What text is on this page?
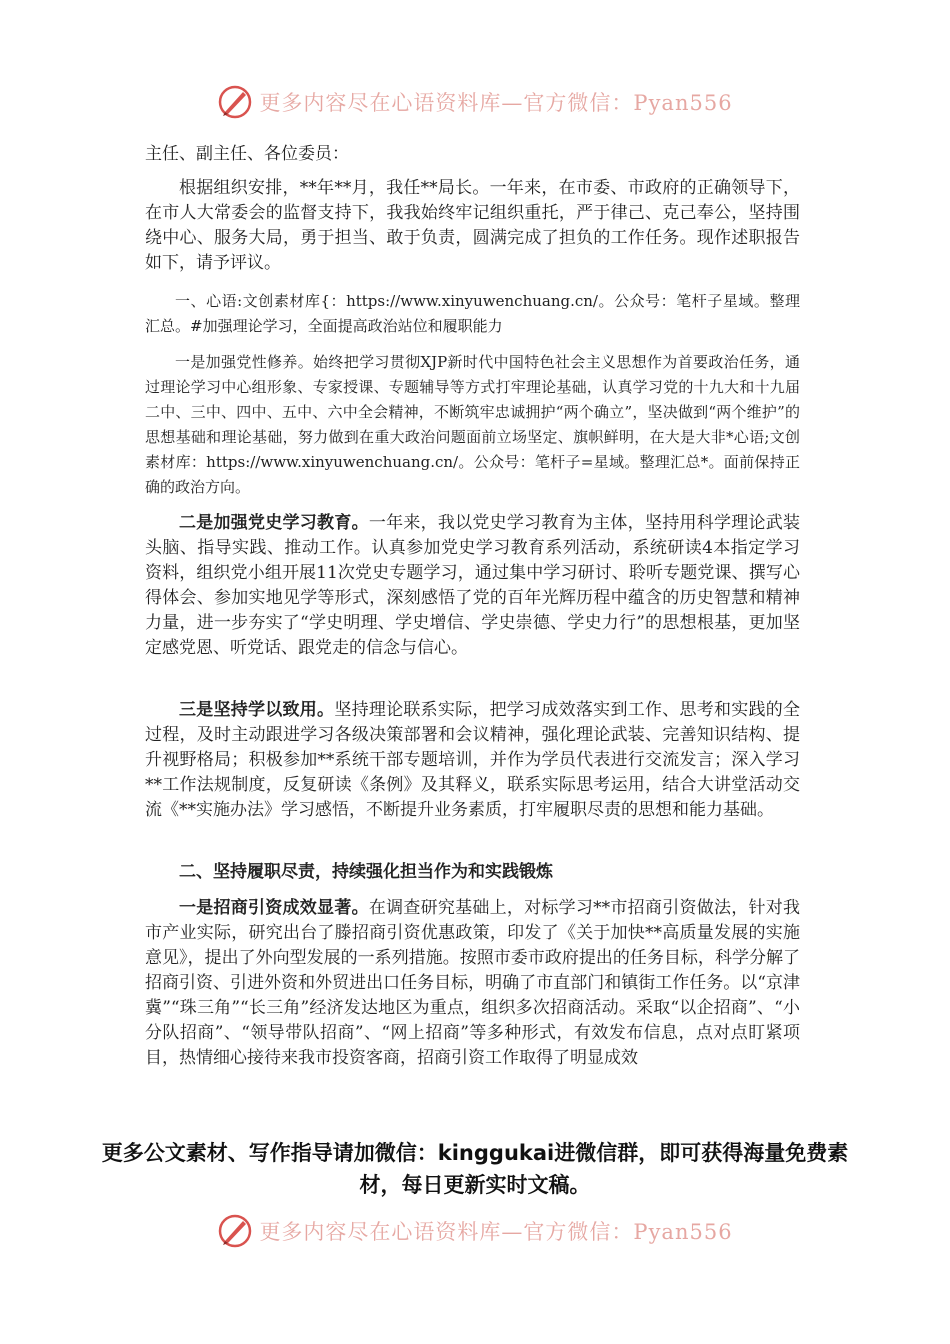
更多内容尽在心语资料库—官方微信：Pyan556

主任、副主任、各位委员：

根据组织安排，**年**月，我任**局长。一年来，在市委、市政府的正确领导下，在市人大常委会的监督支持下，我我始终牢记组织重托，严于律己、克己奉公，坚持围绕中心、服务大局，勇于担当、敢于负责，圆满完成了担负的工作任务。现作述职报告如下，请予评议。

一、心语:文创素材库{：https://www.xinyuwenchuang.cn/。公众号：笔杆子星域。整理汇总。#加强理论学习，全面提高政治站位和履职能力

一是加强党性修养。始终把学习贯彻XJP新时代中国特色社会主义思想作为首要政治任务，通过理论学习中心组形象、专家授课、专题辅导等方式打牢理论基础，认真学习党的十九大和十九届二中、三中、四中、五中、六中全会精神，不断筑牢忠诚拥护“两个确立”，坚决做到“两个维护”的思想基础和理论基础，努力做到在重大政治问题面前立场坚定、旗帜鲜明，在大是大非*心语;文创素材库：https://www.xinyuwenchuang.cn/。公众号：笔杆子=星域。整理汇总*。面前保持正确的政治方向。

二是加强党史学习教育。一年来，我以党史学习教育为主体，坚持用科学理论武装头脑、指导实践、推动工作。认真参加党史学习教育系列活动，系统研读4本指定学习资料，组织党小组开展11次党史专题学习，通过集中学习研讨、聆听专题党课、撰写心得体会、参加实地见学等形式，深刻感悟了党的百年光辉历程中蕴含的历史智慧和精神力量，进一步夯实了“学史明理、学史增信、学史崇德、学史力行”的思想根基，更加坚定感党恩、听党话、跟党走的信念与信心。

三是坚持学以致用。坚持理论联系实际，把学习成效落实到工作、思考和实践的全过程，及时主动跟进学习各级决策部署和会议精神，强化理论武装、完善知识结构、提升视野格局；积极参加**系统干部专题培训，并作为学员代表进行交流发言；深入学习**工作法规制度，反复研读《条例》及其释义，联系实际思考运用，结合大讲堂活动交流《**实施办法》学习感悟，不断提升业务素质，打牢履职尽责的思想和能力基础。

二、坚持履职尽责，持续强化担当作为和实践锻炼

一是招商引资成效显著。在调查研究基础上，对标学习**市招商引资做法，针对我市产业实际，研究出台了滕招商引资优惠政策，印发了《关于加快**高质量发展的实施意见》，提出了外向型发展的一系列措施。按照市委市政府提出的任务目标，科学分解了招商引资、引进外资和外贸进出口任务目标，明确了市直部门和镇街工作任务。以“京津冀”“珠三角”“长三角”经济发达地区为重点，组织多次招商活动。采取“以企招商”、“小分队招商”、“领导带队招商”、“网上招商”等多种形式，有效发布信息，点对点盯紧项目，热情细心接待来我市投资客商，招商引资工作取得了明显成效

更多公文素材、写作指导请加微信：kinggukai进微信群，即可获得海量免费素材，每日更新实时文稿。
更多内容尽在心语资料库—官方微信：Pyan556
